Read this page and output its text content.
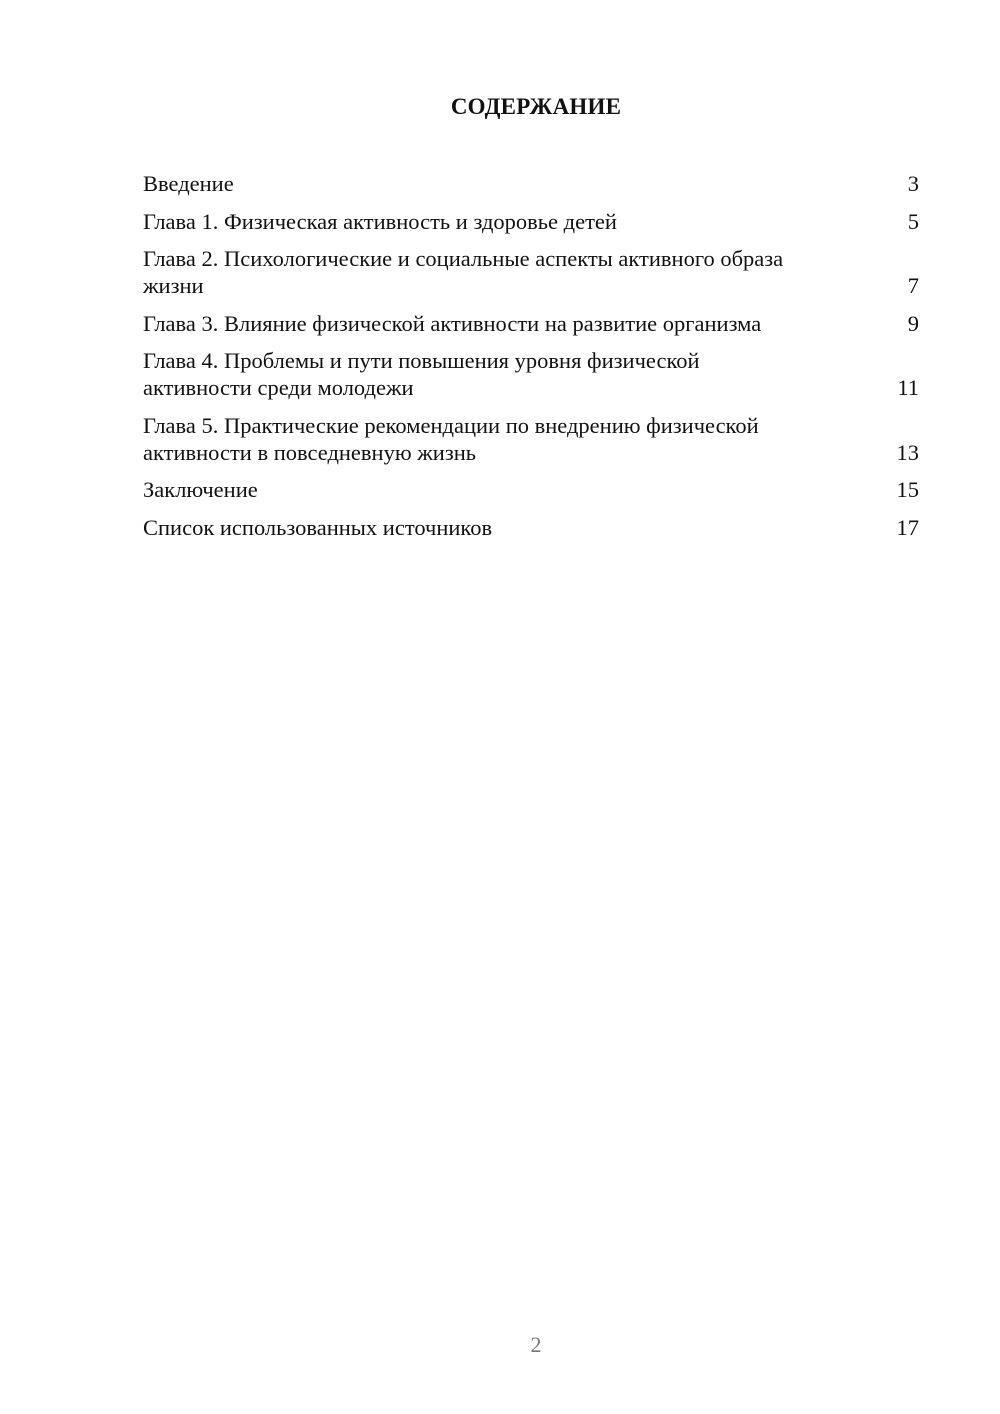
СОДЕРЖАНИЕ
Введение	3
Глава 1. Физическая активность и здоровье детей	5
Глава 2. Психологические и социальные аспекты активного образа жизни	7
Глава 3. Влияние физической активности на развитие организма	9
Глава 4. Проблемы и пути повышения уровня физической активности среди молодежи	11
Глава 5. Практические рекомендации по внедрению физической активности в повседневную жизнь	13
Заключение	15
Список использованных источников	17
2
